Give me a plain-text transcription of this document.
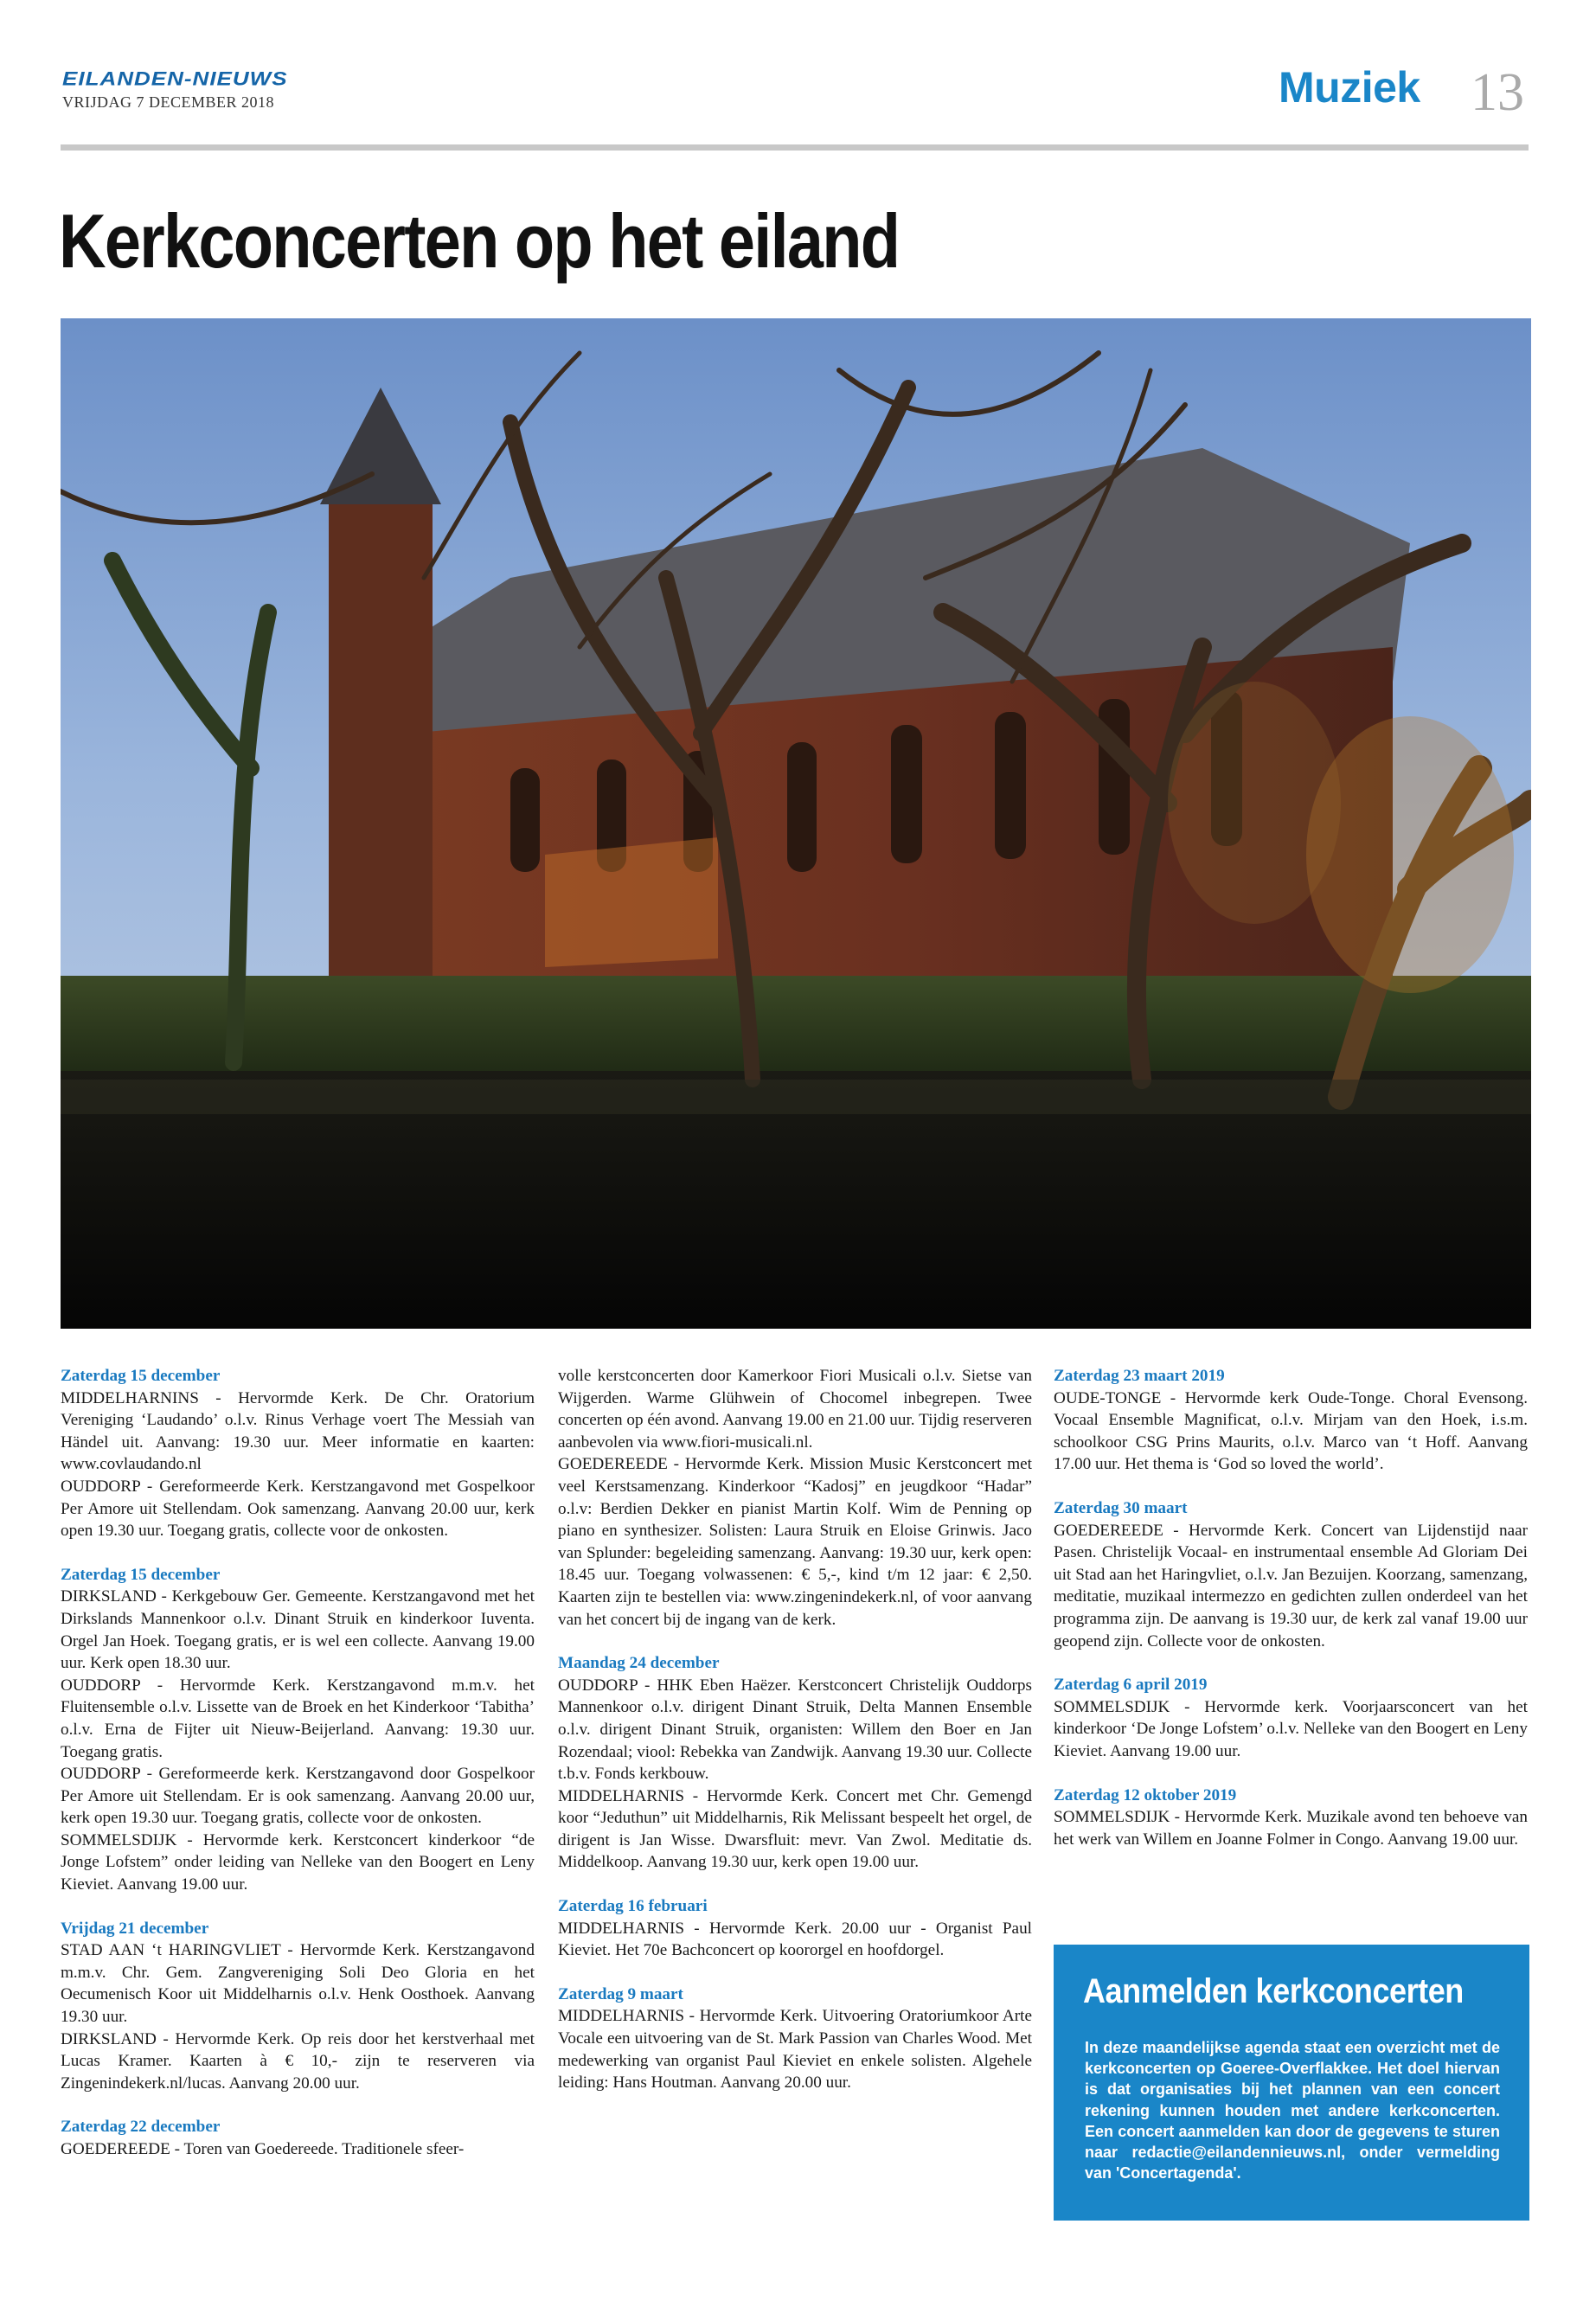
EILANDEN-NIEUWS
VRIJDAG 7 DECEMBER 2018	Muziek 13
Kerkconcerten op het eiland
Zaterdag 15 december
MIDDELHARNINS - Hervormde Kerk. De Chr. Oratorium Vereniging ‘Laudando’ o.l.v. Rinus Verhage voert The Messiah van Händel uit. Aanvang: 19.30 uur. Meer informatie en kaarten: www.covlaudando.nl
OUDDORP - Gereformeerde Kerk. Kerstzangavond met Gospelkoor Per Amore uit Stellendam. Ook samenzang. Aanvang 20.00 uur, kerk open 19.30 uur. Toegang gratis, collecte voor de onkosten.
Zaterdag 15 december
DIRKSLAND - Kerkgebouw Ger. Gemeente. Kerstzangavond met het Dirkslands Mannenkoor o.l.v. Dinant Struik en kinderkoor Iuventa. Orgel Jan Hoek. Toegang gratis, er is wel een collecte. Aanvang 19.00 uur. Kerk open 18.30 uur.
OUDDORP - Hervormde Kerk. Kerstzangavond m.m.v. het Fluitensemble o.l.v. Lissette van de Broek en het Kinderkoor ‘Tabitha’ o.l.v. Erna de Fijter uit Nieuw-Beijerland. Aanvang: 19.30 uur. Toegang gratis.
OUDDORP - Gereformeerde kerk. Kerstzangavond door Gospelkoor Per Amore uit Stellendam. Er is ook samenzang. Aanvang 20.00 uur, kerk open 19.30 uur. Toegang gratis, collecte voor de onkosten.
SOMMELSDIJK - Hervormde kerk. Kerstconcert kinderkoor “de Jonge Lofstem” onder leiding van Nelleke van den Boogert en Leny Kieviet. Aanvang 19.00 uur.
Vrijdag 21 december
STAD AAN ‘t HARINGVLIET - Hervormde Kerk. Kerstzangavond m.m.v. Chr. Gem. Zangvereniging Soli Deo Gloria en het Oecumenisch Koor uit Middelharnis o.l.v. Henk Oosthoek. Aanvang 19.30 uur.
DIRKSLAND - Hervormde Kerk. Op reis door het kerstverhaal met Lucas Kramer. Kaarten à € 10,- zijn te reserveren via Zingenindekerk.nl/lucas. Aanvang 20.00 uur.
Zaterdag 22 december
GOEDEREEDE - Toren van Goedereede. Traditionele sfeer-
volle kerstconcerten door Kamerkoor Fiori Musicali o.l.v. Sietse van Wijgerden. Warme Glühwein of Chocomel inbegrepen. Twee concerten op één avond. Aanvang 19.00 en 21.00 uur. Tijdig reserveren aanbevolen via www.fiori-musicali.nl.
GOEDEREEDE - Hervormde Kerk. Mission Music Kerstconcert met veel Kerstsamenzang. Kinderkoor “Kadosj” en jeugdkoor “Hadar” o.l.v: Berdien Dekker en pianist Martin Kolf. Wim de Penning op piano en synthesizer. Solisten: Laura Struik en Eloise Grinwis. Jaco van Splunder: begeleiding samenzang. Aanvang: 19.30 uur, kerk open: 18.45 uur. Toegang volwassenen: € 5,-, kind t/m 12 jaar: € 2,50. Kaarten zijn te bestellen via: www.zingenindekerk.nl, of voor aanvang van het concert bij de ingang van de kerk.
Maandag 24 december
OUDDORP - HHK Eben Haëzer. Kerstconcert Christelijk Ouddorps Mannenkoor o.l.v. dirigent Dinant Struik, Delta Mannen Ensemble o.l.v. dirigent Dinant Struik, organisten: Willem den Boer en Jan Rozendaal; viool: Rebekka van Zandwijk. Aanvang 19.30 uur. Collecte t.b.v. Fonds kerkbouw.
MIDDELHARNIS - Hervormde Kerk. Concert met Chr. Gemengd koor “Jeduthun” uit Middelharnis, Rik Melissant bespeelt het orgel, de dirigent is Jan Wisse. Dwarsfluit: mevr. Van Zwol. Meditatie ds. Middelkoop. Aanvang 19.30 uur, kerk open 19.00 uur.
Zaterdag 16 februari
MIDDELHARNIS - Hervormde Kerk. 20.00 uur - Organist Paul Kieviet. Het 70e Bachconcert op koororgel en hoofdorgel.
Zaterdag 9 maart
MIDDELHARNIS - Hervormde Kerk. Uitvoering Oratoriumkoor Arte Vocale een uitvoering van de St. Mark Passion van Charles Wood. Met medewerking van organist Paul Kieviet en enkele solisten. Algehele leiding: Hans Houtman. Aanvang 20.00 uur.
Zaterdag 23 maart 2019
OUDE-TONGE - Hervormde kerk Oude-Tonge. Choral Evensong. Vocaal Ensemble Magnificat, o.l.v. Mirjam van den Hoek, i.s.m. schoolkoor CSG Prins Maurits, o.l.v. Marco van ‘t Hoff. Aanvang 17.00 uur. Het thema is ‘God so loved the world’.
Zaterdag 30 maart
GOEDEREEDE - Hervormde Kerk. Concert van Lijdenstijd naar Pasen. Christelijk Vocaal- en instrumentaal ensemble Ad Gloriam Dei uit Stad aan het Haringvliet, o.l.v. Jan Bezuijen. Koorzang, samenzang, meditatie, muzikaal intermezzo en gedichten zullen onderdeel van het programma zijn. De aanvang is 19.30 uur, de kerk zal vanaf 19.00 uur geopend zijn. Collecte voor de onkosten.
Zaterdag 6 april 2019
SOMMELSDIJK - Hervormde kerk. Voorjaarsconcert van het kinderkoor ‘De Jonge Lofstem’ o.l.v. Nelleke van den Boogert en Leny Kieviet. Aanvang 19.00 uur.
Zaterdag 12 oktober 2019
SOMMELSDIJK - Hervormde Kerk. Muzikale avond ten behoeve van het werk van Willem en Joanne Folmer in Congo. Aanvang 19.00 uur.
Aanmelden kerkconcerten
In deze maandelijkse agenda staat een overzicht met de kerkconcerten op Goeree-Overflakkee. Het doel hiervan is dat organisaties bij het plannen van een concert rekening kunnen houden met andere kerkconcerten. Een concert aanmelden kan door de gegevens te sturen naar redactie@eilandennieuws.nl, onder vermelding van 'Concertagenda'.
